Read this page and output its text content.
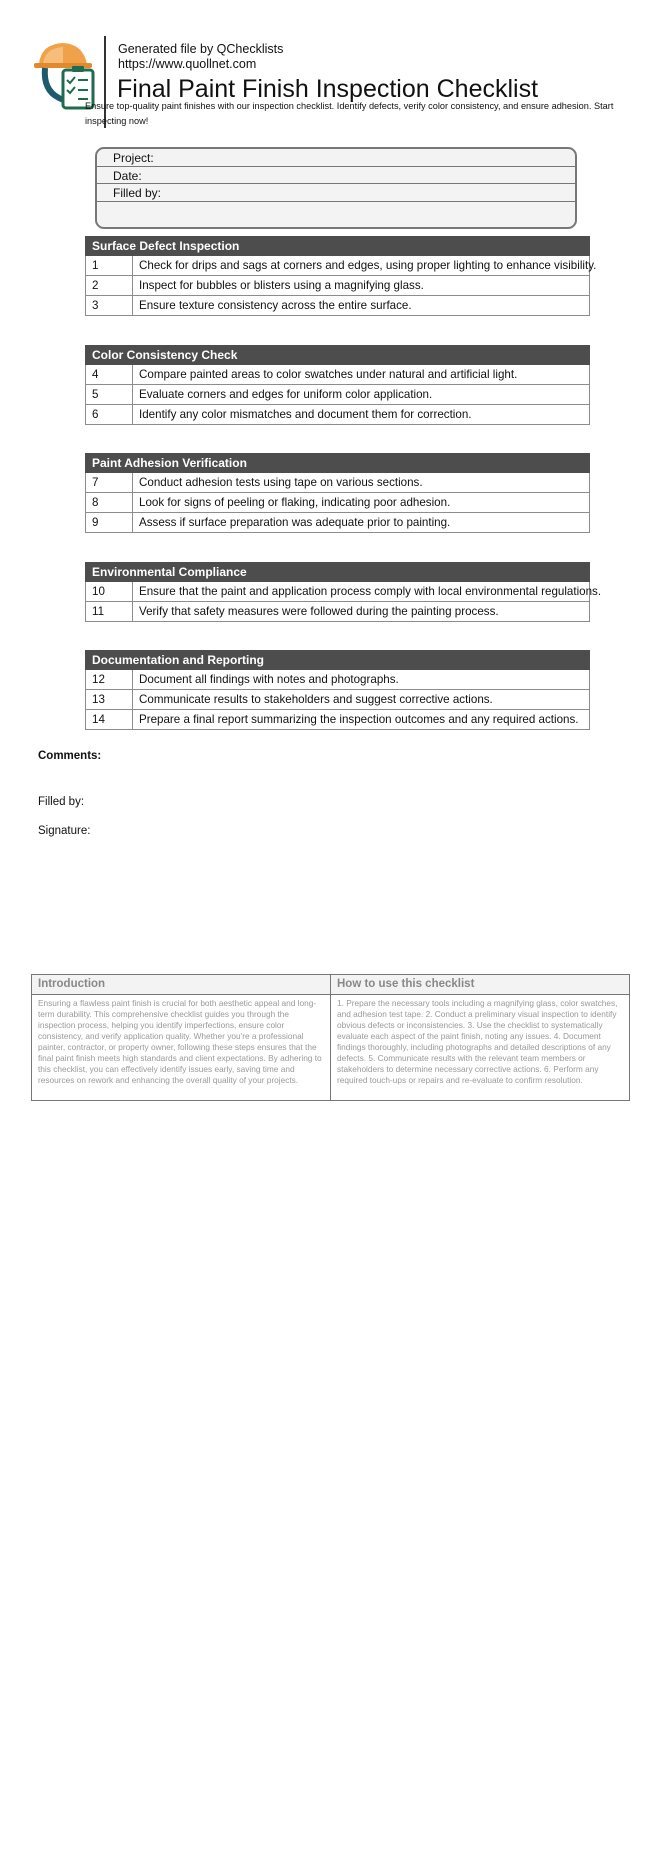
Generated file by QChecklists
https://www.quollnet.com
Final Paint Finish Inspection Checklist
Ensure top-quality paint finishes with our inspection checklist. Identify defects, verify color consistency, and ensure adhesion. Start inspecting now!
Project:
Date:
Filled by:
Surface Defect Inspection
1	Check for drips and sags at corners and edges, using proper lighting to enhance visibility.
2	Inspect for bubbles or blisters using a magnifying glass.
3	Ensure texture consistency across the entire surface.
Color Consistency Check
4	Compare painted areas to color swatches under natural and artificial light.
5	Evaluate corners and edges for uniform color application.
6	Identify any color mismatches and document them for correction.
Paint Adhesion Verification
7	Conduct adhesion tests using tape on various sections.
8	Look for signs of peeling or flaking, indicating poor adhesion.
9	Assess if surface preparation was adequate prior to painting.
Environmental Compliance
10	Ensure that the paint and application process comply with local environmental regulations.
11	Verify that safety measures were followed during the painting process.
Documentation and Reporting
12	Document all findings with notes and photographs.
13	Communicate results to stakeholders and suggest corrective actions.
14	Prepare a final report summarizing the inspection outcomes and any required actions.
Comments:
Filled by:
Signature:
Introduction
Ensuring a flawless paint finish is crucial for both aesthetic appeal and long-term durability. This comprehensive checklist guides you through the inspection process, helping you identify imperfections, ensure color consistency, and verify application quality. Whether you're a professional painter, contractor, or property owner, following these steps ensures that the final paint finish meets high standards and client expectations. By adhering to this checklist, you can effectively identify issues early, saving time and resources on rework and enhancing the overall quality of your projects.
How to use this checklist
1. Prepare the necessary tools including a magnifying glass, color swatches, and adhesion test tape. 2. Conduct a preliminary visual inspection to identify obvious defects or inconsistencies. 3. Use the checklist to systematically evaluate each aspect of the paint finish, noting any issues. 4. Document findings thoroughly, including photographs and detailed descriptions of any defects. 5. Communicate results with the relevant team members or stakeholders to determine necessary corrective actions. 6. Perform any required touch-ups or repairs and re-evaluate to confirm resolution.
